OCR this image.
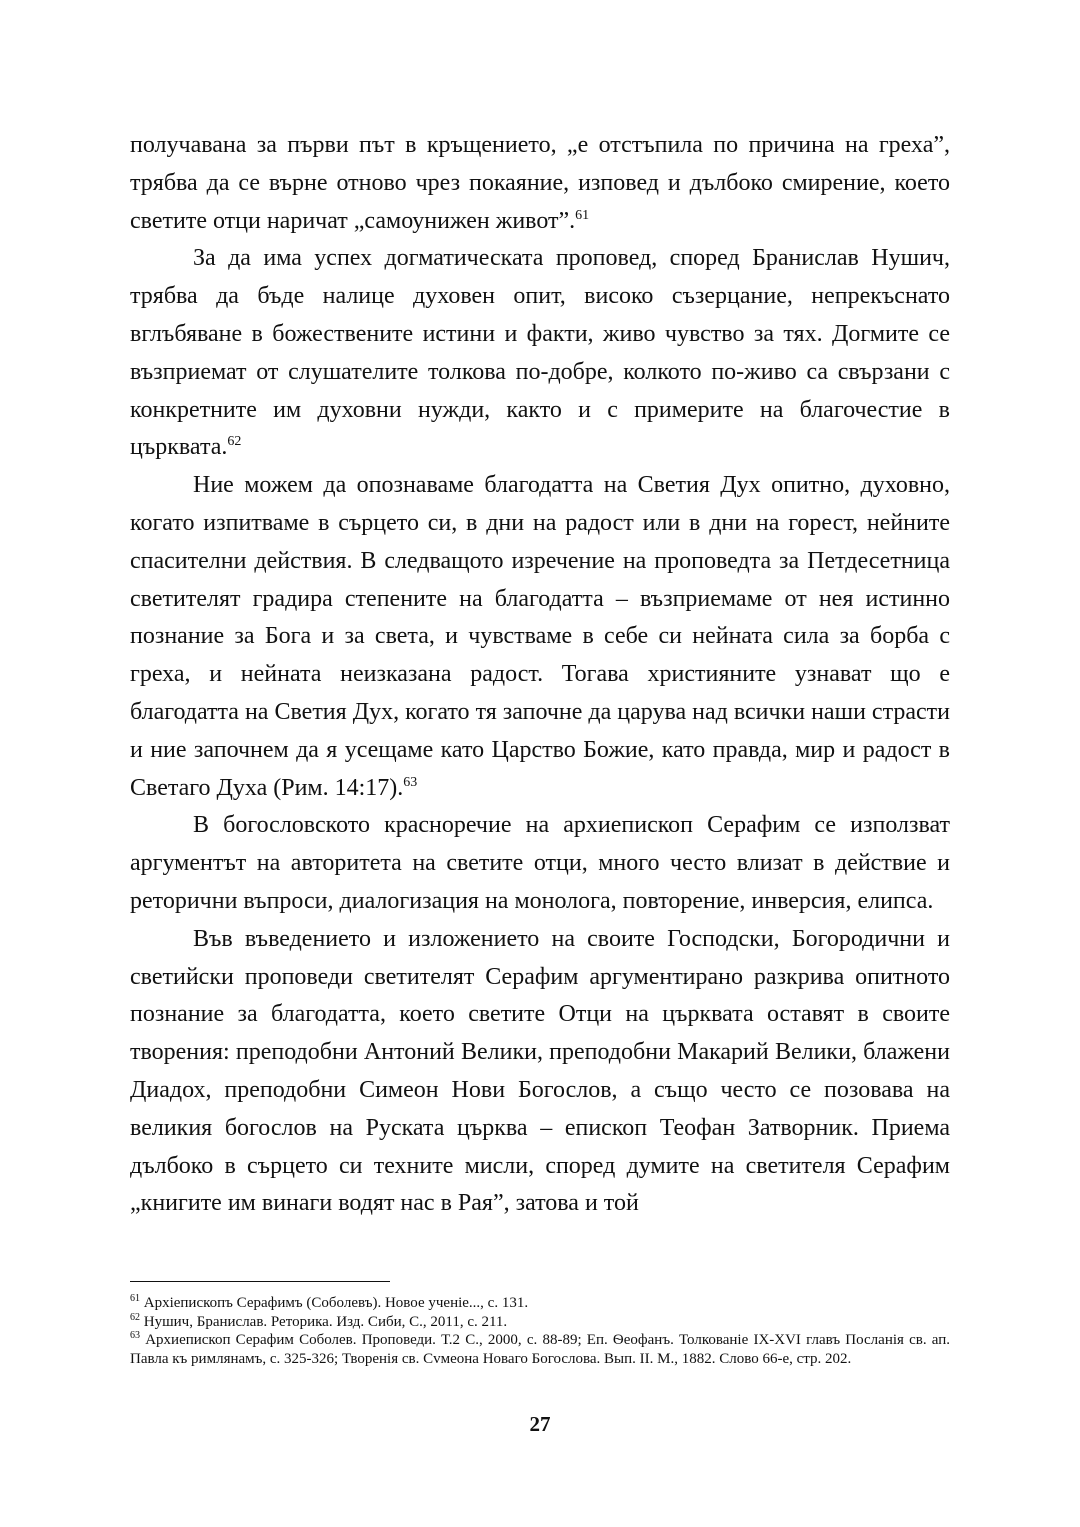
получавана за първи път в кръщението, „е отстъпила по причина на греха”, трябва да се върне отново чрез покаяние, изповед и дълбоко смирение, което светите отци наричат „самоунижен живот”.$^{61}$

За да има успех догматическата проповед, според Бранислав Нушич, трябва да бъде налице духовен опит, високо съзерцание, непрекъснато вглъбяване в божествените истини и факти, живо чувство за тях. Догмите се възприемат от слушателите толкова по-добре, колкото по-живо са свързани с конкретните им духовни нужди, както и с примерите на благочестие в църквата.$^{62}$

Ние можем да опознаваме благодатта на Светия Дух опитно, духовно, когато изпитваме в сърцето си, в дни на радост или в дни на горест, нейните спасителни действия. В следващото изречение на проповедта за Петдесетница светителят градира степените на благодатта – възприемаме от нея истинно познание за Бога и за света, и чувстваме в себе си нейната сила за борба с греха, и нейната неизказана радост. Тогава християните узнават що е благодатта на Светия Дух, когато тя започне да царува над всички наши страсти и ние започнем да я усещаме като Царство Божие, като правда, мир и радост в Светаго Духа (Рим. 14:17).$^{63}$

В богословското красноречие на архиепископ Серафим се използват аргументът на авторитета на светите отци, много често влизат в действие и реторични въпроси, диалогизация на монолога, повторение, инверсия, елипса.

Във въведението и изложението на своите Господски, Богородични и светийски проповеди светителят Серафим аргументирано разкрива опитното познание за благодатта, което светите Отци на църквата оставят в своите творения: преподобни Антоний Велики, преподобни Макарий Велики, блажени Диадох, преподобни Симеон Нови Богослов, а също често се позовава на великия богослов на Руската църква – епископ Теофан Затворник. Приема дълбоко в сърцето си техните мисли, според думите на светителя Серафим „книгите им винаги водят нас в Рая”, затова и той

$^{61}$ Архіепископъ Серафимъ (Соболевъ). Новое ученіе..., с. 131.

$^{62}$ Нушич, Бранислав. Реторика. Изд. Сиби, С., 2011, с. 211.

$^{63}$ Архиепископ Серафим Соболев. Проповеди. Т.2 С., 2000, с. 88-89; Еп. Ѳеофанъ. Толкованіе IX-XVI главъ Посланія св. ап. Павла къ римлянамъ, с. 325-326; Творенія св. Сvмеона Новаго Богослова. Вып. II. М., 1882. Слово 66-е, стр. 202.

27
